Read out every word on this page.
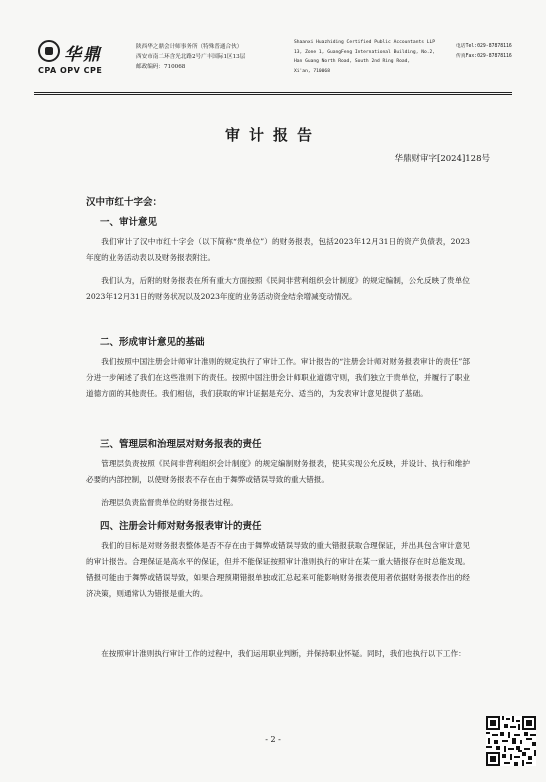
华鼎
CPA OPV CPE
陕西华之鼎会计师事务所（特殊普通合伙）
西安市南二环含光北路2号广丰国际1区13层
邮政编码：710068
Shaanxi Huazhiding Certified Public Accountants LLP
13, Zone 1, GuangFeng International Building, No.2,
Han Guang North Road, South 2nd Ring Road,
Xi'an, 710068
电话Tel:029-87878116
传真Fax:029-87878116
审计报告
华鼎财审字[2024]128号
汉中市红十字会：
一、审计意见

我们审计了汉中市红十字会（以下简称“贵单位”）的财务报表，包括2023年12月31日的资产负债表，2023年度的业务活动表以及财务报表附注。

我们认为，后附的财务报表在所有重大方面按照《民间非营利组织会计制度》的规定编制，公允反映了贵单位2023年12月31日的财务状况以及2023年度的业务活动资金结余增减变动情况。

二、形成审计意见的基础

我们按照中国注册会计师审计准则的规定执行了审计工作。审计报告的“注册会计师对财务报表审计的责任”部分进一步阐述了我们在这些准则下的责任。按照中国注册会计师职业道德守则，我们独立于贵单位，并履行了职业道德方面的其他责任。我们相信，我们获取的审计证据是充分、适当的，为发表审计意见提供了基础。

三、管理层和治理层对财务报表的责任

管理层负责按照《民间非营利组织会计制度》的规定编制财务报表，使其实现公允反映，并设计、执行和维护必要的内部控制，以使财务报表不存在由于舞弊或错误导致的重大错报。

治理层负责监督贵单位的财务报告过程。

四、注册会计师对财务报表审计的责任

我们的目标是对财务报表整体是否不存在由于舞弊或错误导致的重大错报获取合理保证，并出具包含审计意见的审计报告。合理保证是高水平的保证，但并不能保证按照审计准则执行的审计在某一重大错报存在时总能发现。错报可能由于舞弊或错误导致，如果合理预期错报单独或汇总起来可能影响财务报表使用者依据财务报表作出的经济决策，则通常认为错报是重大的。

在按照审计准则执行审计工作的过程中，我们运用职业判断，并保持职业怀疑。同时，我们也执行以下工作：

- 2 -
